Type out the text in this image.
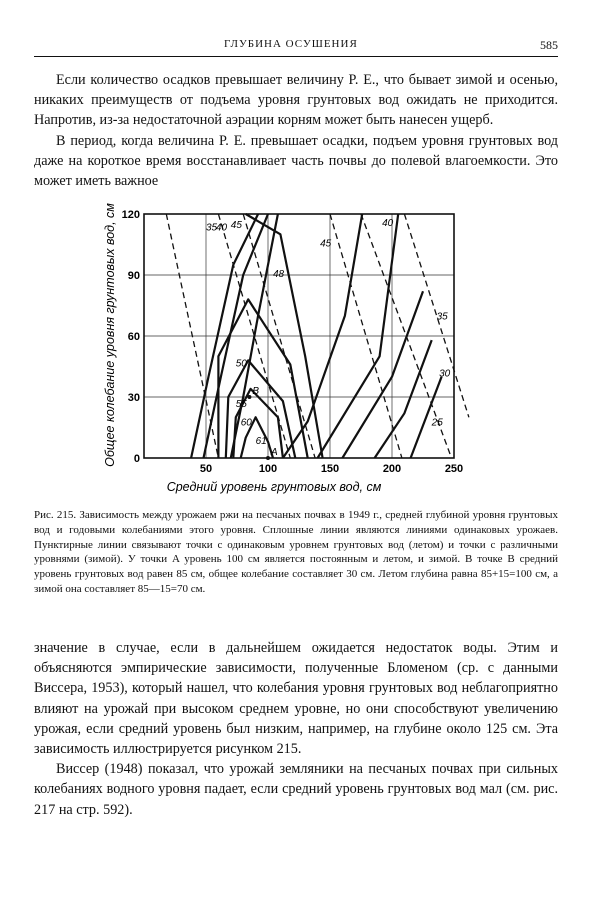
ГЛУБИНА ОСУШЕНИЯ	585

Если количество осадков превышает величину P. E., что бывает зимой и осенью, никаких преимуществ от подъема уровня грунтовых вод ожидать не приходится. Напротив, из-за недостаточной аэрации корням может быть нанесен ущерб.

В период, когда величина P. E. превышает осадки, подъем уровня грунтовых вод даже на короткое время восстанавливает часть почвы до полевой влагоемкости. Это может иметь важное

50	100	150	200	250
0
30
60
90
120
61
60
55
50
48
40
35
30
25
35
40
45
45
A
B
Средний уровень грунтовых вод, см
Общее колебание уровня грунтовых вод, см

Рис. 215. Зависимость между урожаем ржи на песчаных почвах в 1949 г., средней глубиной уровня грунтовых вод и годовыми колебаниями этого уровня. Сплошные линии являются линиями одинаковых урожаев. Пунктирные линии связывают точки с одинаковым уровнем грунтовых вод (летом) и точки с различными уровнями (зимой). У точки A уровень 100 см является постоянным и летом, и зимой. В точке B средний уровень грунтовых вод равен 85 см, общее колебание составляет 30 см. Летом глубина равна 85+15=100 см, а зимой она составляет 85—15=70 см.

значение в случае, если в дальнейшем ожидается недостаток воды. Этим и объясняются эмпирические зависимости, полученные Бломеном (ср. с данными Виссера, 1953), который нашел, что колебания уровня грунтовых вод неблагоприятно влияют на урожай при высоком среднем уровне, но они способствуют увеличению урожая, если средний уровень был низким, например, на глубине около 125 см. Эта зависимость иллюстрируется рисунком 215.

Виссер (1948) показал, что урожай земляники на песчаных почвах при сильных колебаниях водного уровня падает, если средний уровень грунтовых вод мал (см. рис. 217 на стр. 592).
